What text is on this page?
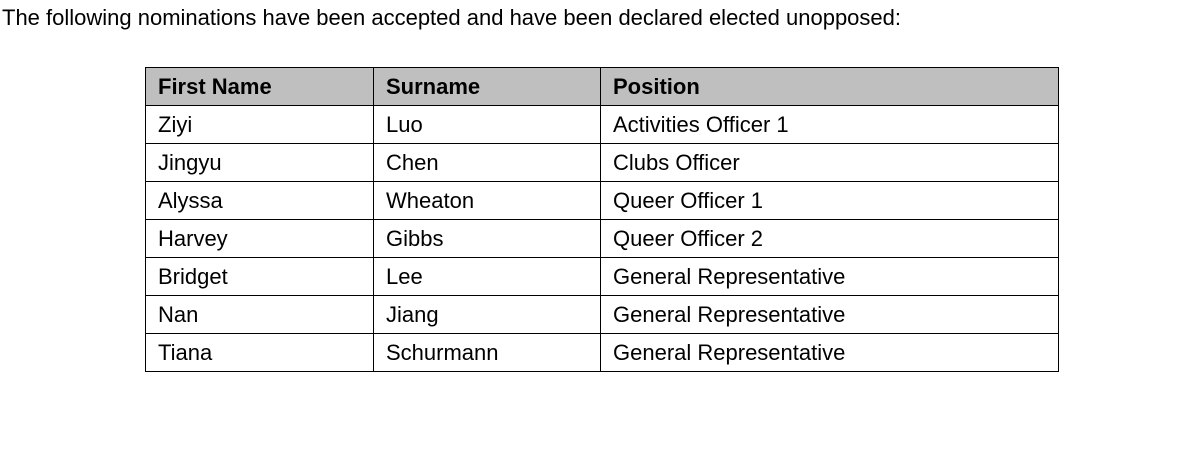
The following nominations have been accepted and have been declared elected unopposed:
First Name	Surname	Position
Ziyi	Luo	Activities Officer 1
Jingyu	Chen	Clubs Officer
Alyssa	Wheaton	Queer Officer 1
Harvey	Gibbs	Queer Officer 2
Bridget	Lee	General Representative
Nan	Jiang	General Representative
Tiana	Schurmann	General Representative
